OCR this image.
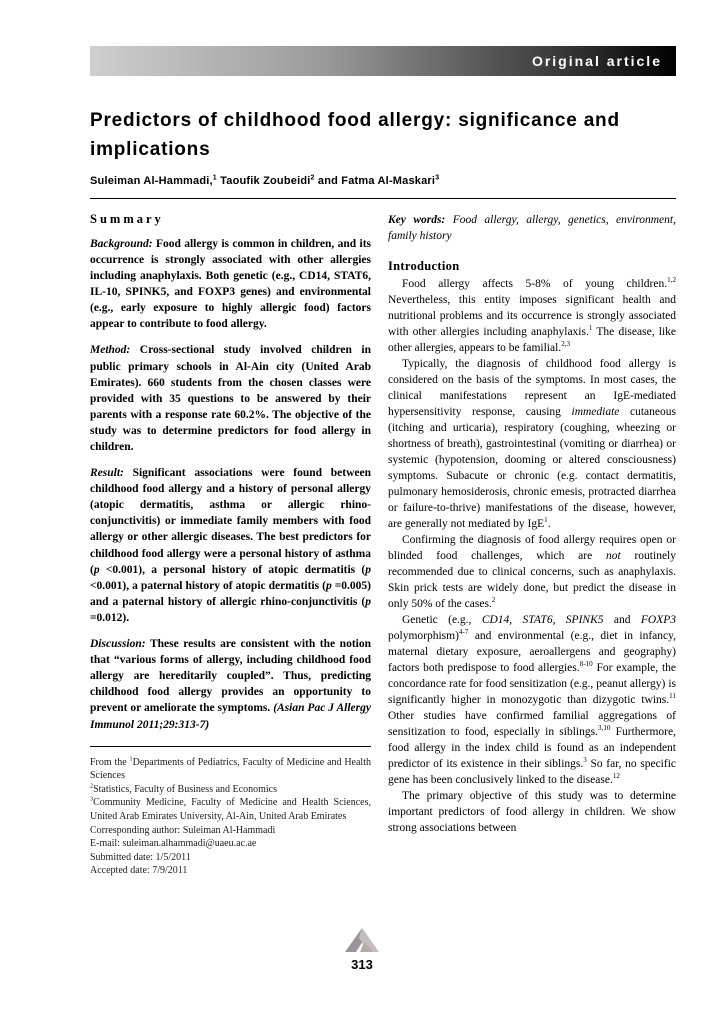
Original article
Predictors of childhood food allergy: significance and implications
Suleiman Al-Hammadi,$^1$ Taoufik Zoubeidi$^2$ and Fatma Al-Maskari$^3$
Summary

Background: Food allergy is common in children, and its occurrence is strongly associated with other allergies including anaphylaxis. Both genetic (e.g., CD14, STAT6, IL-10, SPINK5, and FOXP3 genes) and environmental (e.g., early exposure to highly allergic food) factors appear to contribute to food allergy.

Method: Cross-sectional study involved children in public primary schools in Al-Ain city (United Arab Emirates). 660 students from the chosen classes were provided with 35 questions to be answered by their parents with a response rate 60.2%. The objective of the study was to determine predictors for food allergy in children.

Result: Significant associations were found between childhood food allergy and a history of personal allergy (atopic dermatitis, asthma or allergic rhino-conjunctivitis) or immediate family members with food allergy or other allergic diseases. The best predictors for childhood food allergy were a personal history of asthma (p <0.001), a personal history of atopic dermatitis (p <0.001), a paternal history of atopic dermatitis (p =0.005) and a paternal history of allergic rhino-conjunctivitis (p =0.012).

Discussion: These results are consistent with the notion that “various forms of allergy, including childhood food allergy are hereditarily coupled”. Thus, predicting childhood food allergy provides an opportunity to prevent or ameliorate the symptoms. (Asian Pac J Allergy Immunol 2011;29:313-7)

From the $^1$Departments of Pediatrics, Faculty of Medicine and Health Sciences

$^2$Statistics, Faculty of Business and Economics

$^3$Community Medicine, Faculty of Medicine and Health Sciences, United Arab Emirates University, Al-Ain, United Arab Emirates

Corresponding author: Suleiman Al-Hammadi

E-mail: suleiman.alhammadi@uaeu.ac.ae

Submitted date: 1/5/2011

Accepted date: 7/9/2011

Key words: Food allergy, allergy, genetics, environment, family history

Introduction

Food allergy affects 5-8% of young children.$^{1,2}$ Nevertheless, this entity imposes significant health and nutritional problems and its occurrence is strongly associated with other allergies including anaphylaxis.$^1$ The disease, like other allergies, appears to be familial.$^{2,3}$

Typically, the diagnosis of childhood food allergy is considered on the basis of the symptoms. In most cases, the clinical manifestations represent an IgE-mediated hypersensitivity response, causing immediate cutaneous (itching and urticaria), respiratory (coughing, wheezing or shortness of breath), gastrointestinal (vomiting or diarrhea) or systemic (hypotension, dooming or altered consciousness) symptoms. Subacute or chronic (e.g. contact dermatitis, pulmonary hemosiderosis, chronic emesis, protracted diarrhea or failure-to-thrive) manifestations of the disease, however, are generally not mediated by IgE$^1$.

Confirming the diagnosis of food allergy requires open or blinded food challenges, which are not routinely recommended due to clinical concerns, such as anaphylaxis. Skin prick tests are widely done, but predict the disease in only 50% of the cases.$^2$

Genetic (e.g., CD14, STAT6, SPINK5 and FOXP3 polymorphism)$^{4-7}$ and environmental (e.g., diet in infancy, maternal dietary exposure, aeroallergens and geography) factors both predispose to food allergies.$^{8-10}$ For example, the concordance rate for food sensitization (e.g., peanut allergy) is significantly higher in monozygotic than dizygotic twins.$^{11}$ Other studies have confirmed familial aggregations of sensitization to food, especially in siblings.$^{3,10}$ Furthermore, food allergy in the index child is found as an independent predictor of its existence in their siblings.$^3$ So far, no specific gene has been conclusively linked to the disease.$^{12}$

The primary objective of this study was to determine important predictors of food allergy in children. We show strong associations between

313
